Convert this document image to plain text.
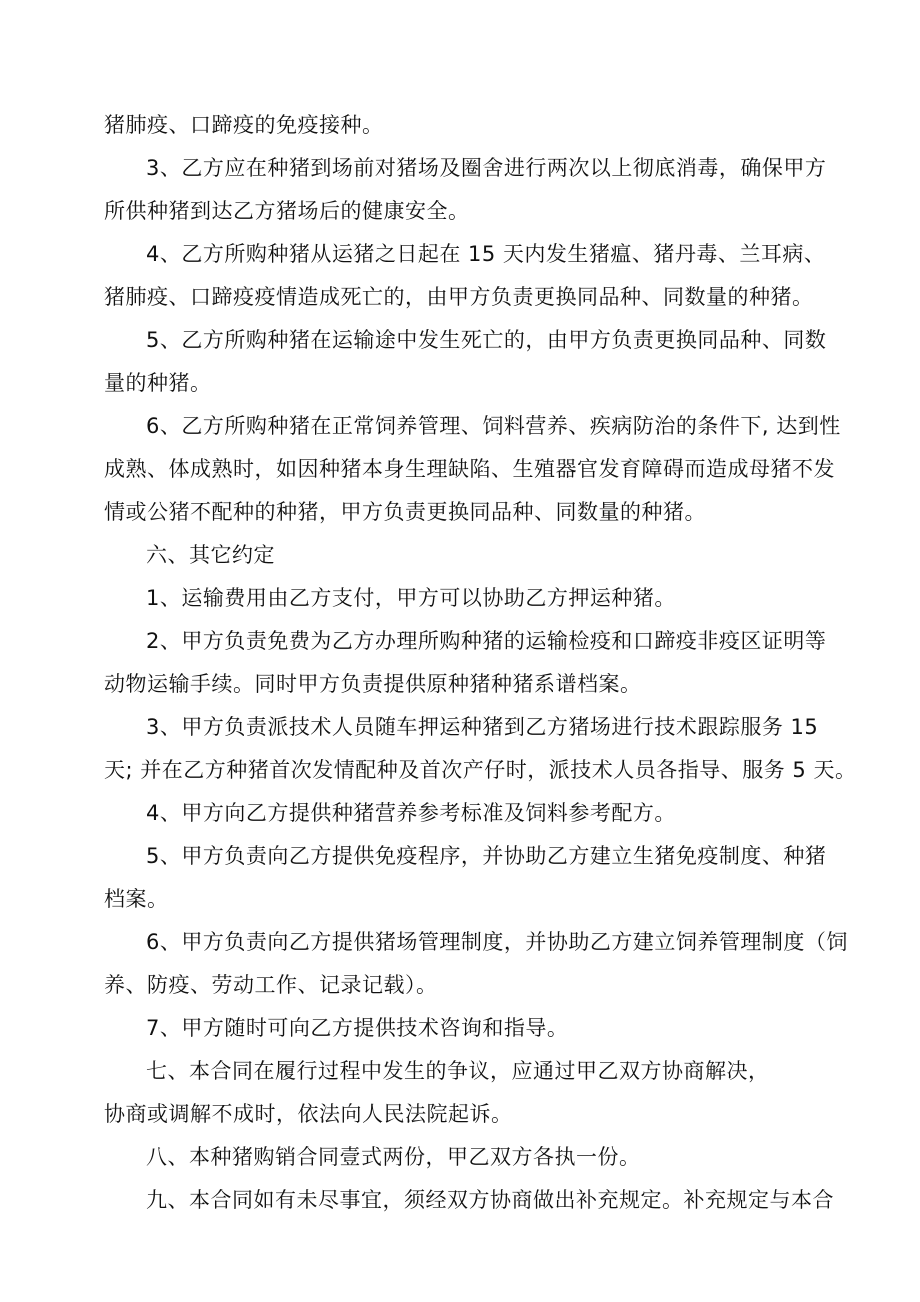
猪肺疫、口蹄疫的免疫接种。
3、乙方应在种猪到场前对猪场及圈舍进行两次以上彻底消毒，确保甲方
所供种猪到达乙方猪场后的健康安全。
4、乙方所购种猪从运猪之日起在 15 天内发生猪瘟、猪丹毒、兰耳病、
猪肺疫、口蹄疫疫情造成死亡的，由甲方负责更换同品种、同数量的种猪。
5、乙方所购种猪在运输途中发生死亡的，由甲方负责更换同品种、同数
量的种猪。
6、乙方所购种猪在正常饲养管理、饲料营养、疾病防治的条件下, 达到性
成熟、体成熟时，如因种猪本身生理缺陷、生殖器官发育障碍而造成母猪不发
情或公猪不配种的种猪，甲方负责更换同品种、同数量的种猪。
六、其它约定
1、运输费用由乙方支付，甲方可以协助乙方押运种猪。
2、甲方负责免费为乙方办理所购种猪的运输检疫和口蹄疫非疫区证明等
动物运输手续。同时甲方负责提供原种猪种猪系谱档案。
3、甲方负责派技术人员随车押运种猪到乙方猪场进行技术跟踪服务 15
天; 并在乙方种猪首次发情配种及首次产仔时，派技术人员各指导、服务 5 天。
4、甲方向乙方提供种猪营养参考标准及饲料参考配方。
5、甲方负责向乙方提供免疫程序，并协助乙方建立生猪免疫制度、种猪
档案。
6、甲方负责向乙方提供猪场管理制度，并协助乙方建立饲养管理制度（饲
养、防疫、劳动工作、记录记载）。
7、甲方随时可向乙方提供技术咨询和指导。
七、本合同在履行过程中发生的争议，应通过甲乙双方协商解决，
协商或调解不成时，依法向人民法院起诉。
八、本种猪购销合同壹式两份，甲乙双方各执一份。
九、本合同如有未尽事宜，须经双方协商做出补充规定。补充规定与本合
